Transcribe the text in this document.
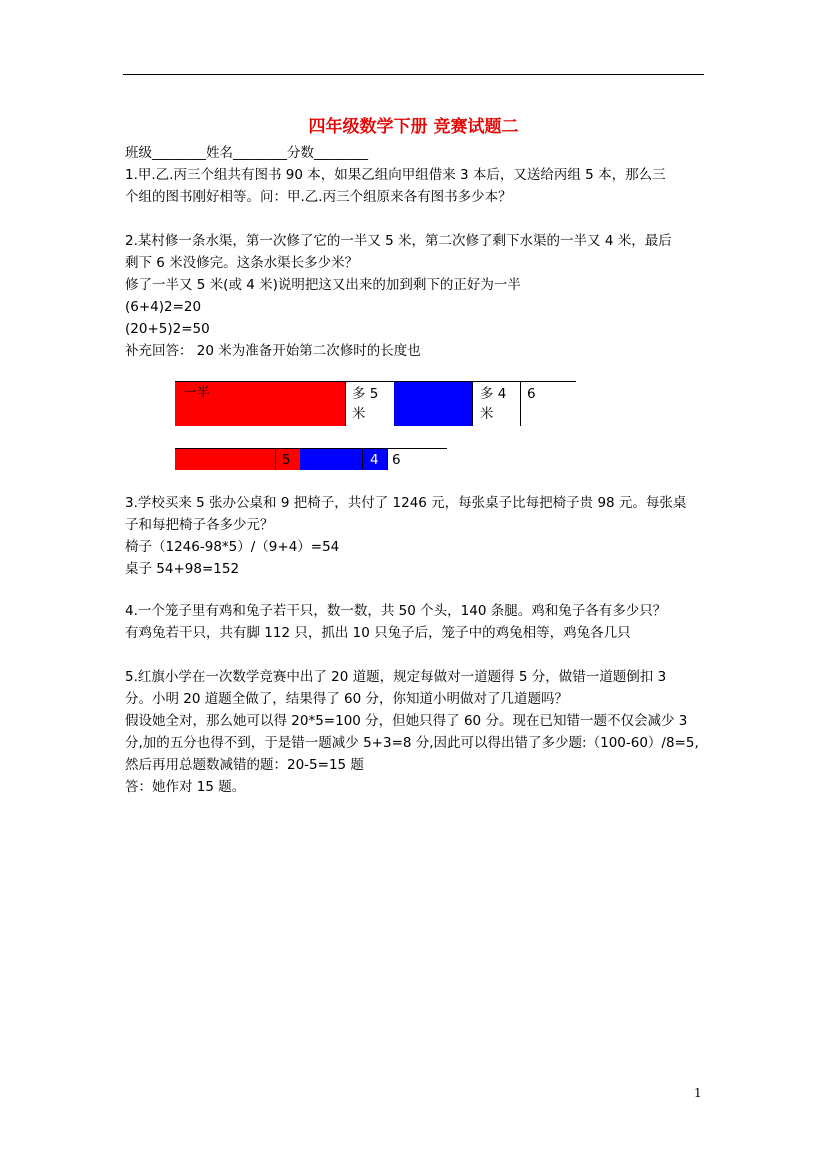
四年级数学下册 竞赛试题二
班级________姓名________分数________
1.甲.乙.丙三个组共有图书 90 本，如果乙组向甲组借来 3 本后，又送给丙组 5 本，那么三
个组的图书刚好相等。问：甲.乙.丙三个组原来各有图书多少本？
2.某村修一条水渠，第一次修了它的一半又 5 米，第二次修了剩下水渠的一半又 4 米，最后
剩下 6 米没修完。这条水渠长多少米？
修了一半又 5 米(或 4 米)说明把这又出来的加到剩下的正好为一半
(6+4)2=20
(20+5)2=50
补充回答： 20 米为准备开始第二次修时的长度也
一半	多 5
米
多 4
米
6
5	4 6
3.学校买来 5 张办公桌和 9 把椅子，共付了 1246 元，每张桌子比每把椅子贵 98 元。每张桌
子和每把椅子各多少元？
椅子（1246-98*5）/（9+4）=54
桌子 54+98=152
4.一个笼子里有鸡和兔子若干只，数一数，共 50 个头，140 条腿。鸡和兔子各有多少只？
有鸡兔若干只，共有脚 112 只，抓出 10 只兔子后，笼子中的鸡兔相等，鸡兔各几只
5.红旗小学在一次数学竞赛中出了 20 道题，规定每做对一道题得 5 分，做错一道题倒扣 3
分。小明 20 道题全做了，结果得了 60 分，你知道小明做对了几道题吗？
假设她全对，那么她可以得 20*5=100 分，但她只得了 60 分。现在已知错一题不仅会减少 3
分,加的五分也得不到，于是错一题减少 5+3=8 分,因此可以得出错了多少题:（100-60）/8=5,
然后再用总题数减错的题：20-5=15 题
答：她作对 15 题。
1
